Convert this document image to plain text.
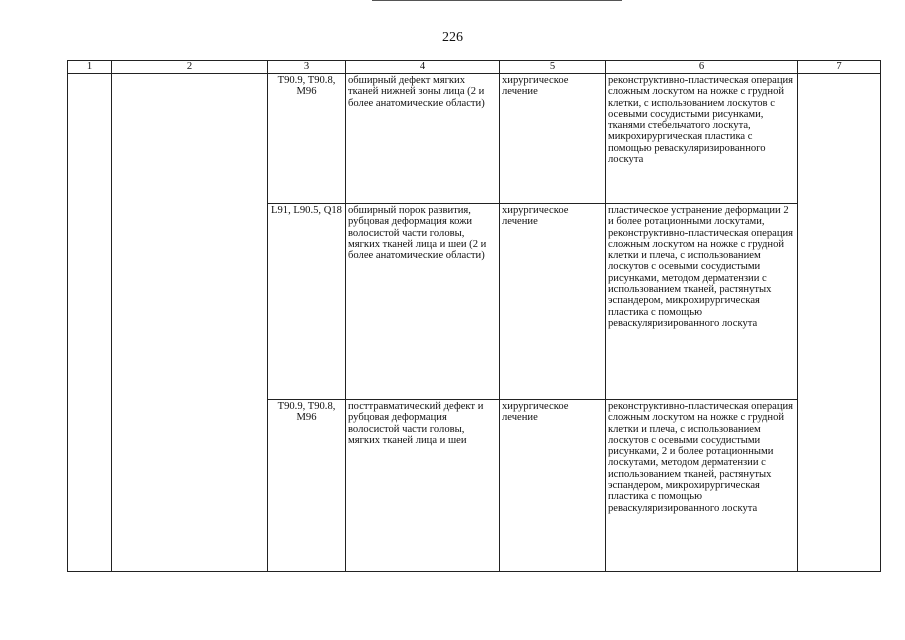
226
1	2	3	4	5	6	7
		T90.9, T90.8, M96	обширный дефект мягких тканей нижней зоны лица (2 и более анатомические области)	хирургическое лечение	реконструктивно-пластическая операция сложным лоскутом на ножке с грудной клетки, с использованием лоскутов с осевыми сосудистыми рисунками, тканями стебельчатого лоскута, микрохирургическая пластика с помощью реваскуляризированного лоскута	
		L91, L90.5, Q18	обширный порок развития, рубцовая деформация кожи волосистой части головы, мягких тканей лица и шеи (2 и более анатомические области)	хирургическое лечение	пластическое устранение деформации 2 и более ротационными лоскутами, реконструктивно-пластическая операция сложным лоскутом на ножке с грудной клетки и плеча, с использованием лоскутов с осевыми сосудистыми рисунками, методом дерматензии с использованием тканей, растянутых эспандером, микрохирургическая пластика с помощью реваскуляризированного лоскута	
		T90.9, T90.8, M96	посттравматический дефект и рубцовая деформация волосистой части головы, мягких тканей лица и шеи	хирургическое лечение	реконструктивно-пластическая операция сложным лоскутом на ножке с грудной клетки и плеча, с использованием лоскутов с осевыми сосудистыми рисунками, 2 и более ротационными лоскутами, методом дерматензии с использованием тканей, растянутых эспандером, микрохирургическая пластика с помощью реваскуляризированного лоскута	
